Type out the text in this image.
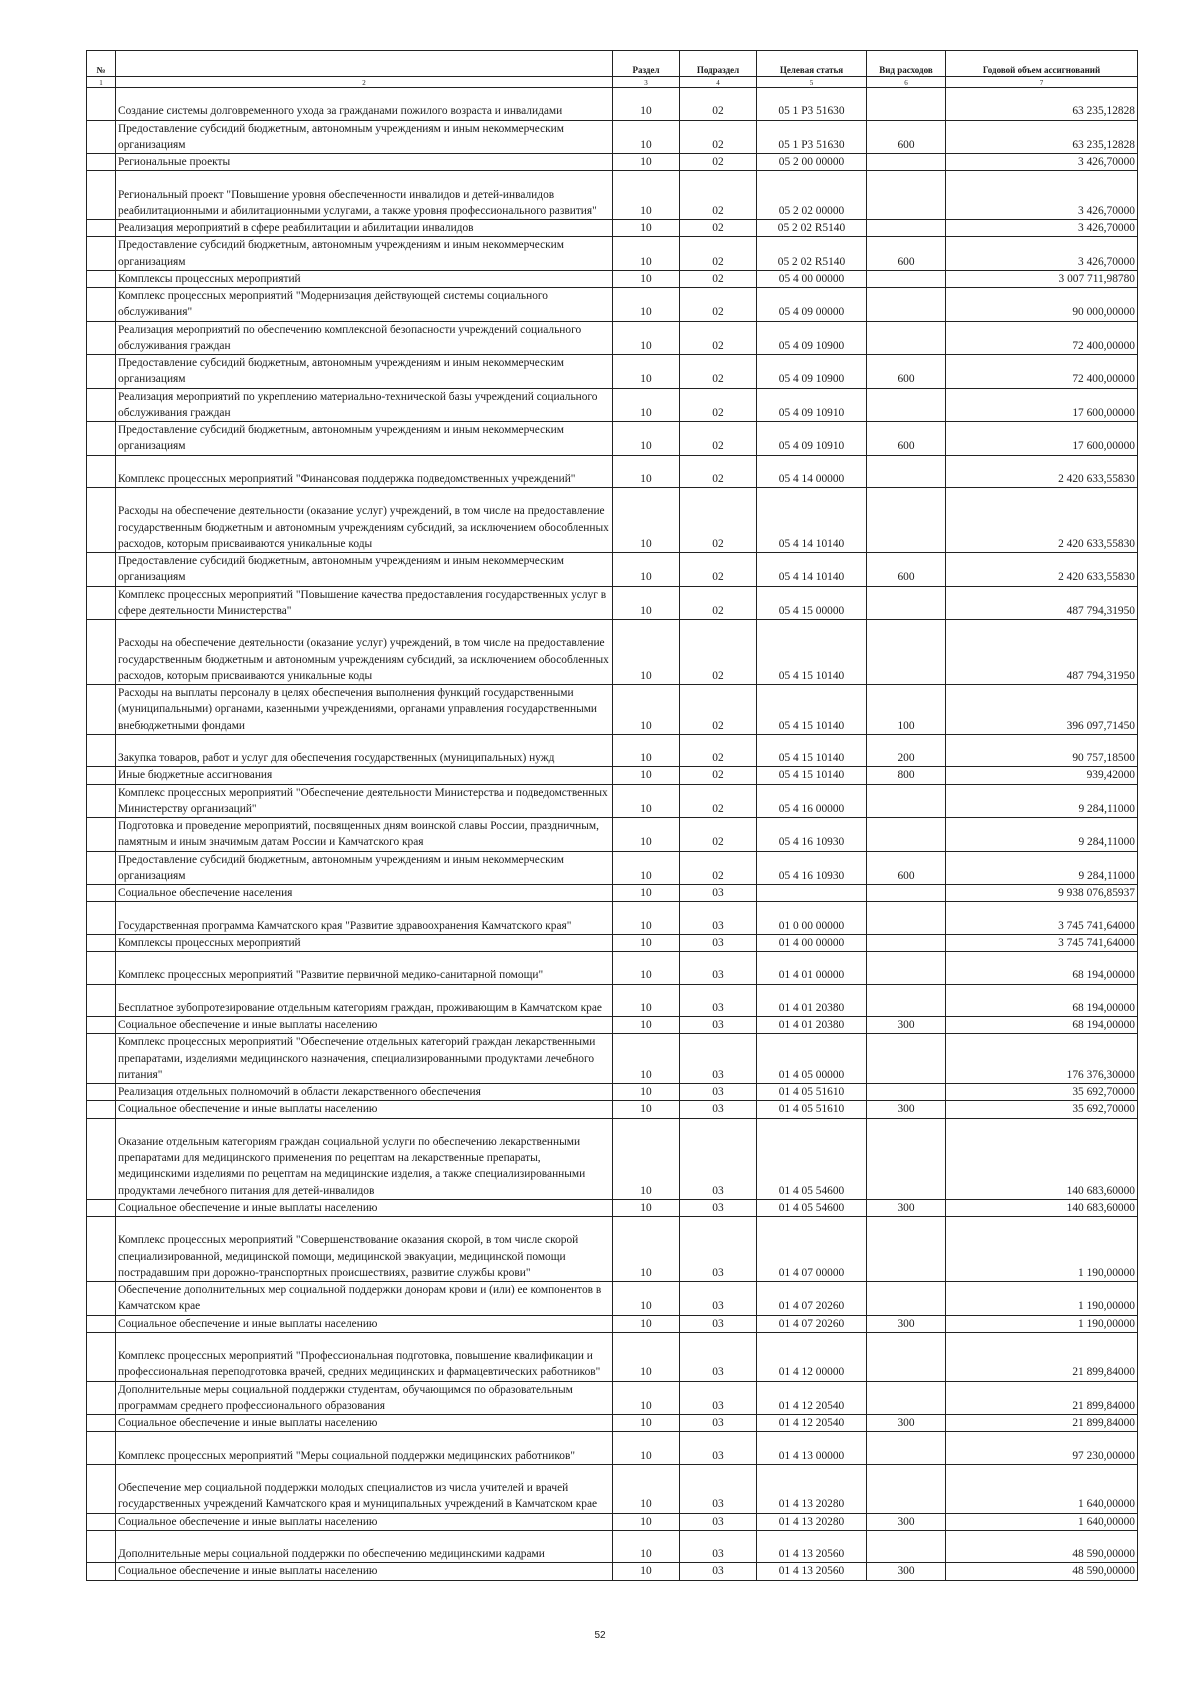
№		Раздел	Подраздел	Целевая статья	Вид расходов	Годовой объем ассигнований
1	2	3	4	5	6	7
	Создание системы долговременного ухода за гражданами пожилого возраста и инвалидами	10	02	05 1 P3 51630		63 235,12828
	Предоставление субсидий бюджетным, автономным учреждениям и иным некоммерческим организациям	10	02	05 1 P3 51630	600	63 235,12828
	Региональные проекты	10	02	05 2 00 00000		3 426,70000
	Региональный проект "Повышение уровня обеспеченности инвалидов и детей-инвалидов реабилитационными и абилитационными услугами, а также уровня профессионального развития"	10	02	05 2 02 00000		3 426,70000
	Реализация мероприятий в сфере реабилитации и абилитации инвалидов	10	02	05 2 02 R5140		3 426,70000
	Предоставление субсидий бюджетным, автономным учреждениям и иным некоммерческим организациям	10	02	05 2 02 R5140	600	3 426,70000
	Комплексы процессных мероприятий	10	02	05 4 00 00000		3 007 711,98780
	Комплекс процессных мероприятий "Модернизация действующей системы социального обслуживания"	10	02	05 4 09 00000		90 000,00000
	Реализация мероприятий по обеспечению комплексной безопасности учреждений социального обслуживания граждан	10	02	05 4 09 10900		72 400,00000
	Предоставление субсидий бюджетным, автономным учреждениям и иным некоммерческим организациям	10	02	05 4 09 10900	600	72 400,00000
	Реализация мероприятий по укреплению материально-технической базы учреждений социального обслуживания граждан	10	02	05 4 09 10910		17 600,00000
	Предоставление субсидий бюджетным, автономным учреждениям и иным некоммерческим организациям	10	02	05 4 09 10910	600	17 600,00000
	Комплекс процессных мероприятий "Финансовая поддержка подведомственных учреждений"	10	02	05 4 14 00000		2 420 633,55830
	Расходы на обеспечение деятельности (оказание услуг) учреждений, в том числе на предоставление государственным бюджетным и автономным учреждениям субсидий, за исключением обособленных расходов, которым присваиваются уникальные коды	10	02	05 4 14 10140		2 420 633,55830
	Предоставление субсидий бюджетным, автономным учреждениям и иным некоммерческим организациям	10	02	05 4 14 10140	600	2 420 633,55830
	Комплекс процессных мероприятий "Повышение качества предоставления государственных услуг в сфере деятельности Министерства"	10	02	05 4 15 00000		487 794,31950
	Расходы на обеспечение деятельности (оказание услуг) учреждений, в том числе на предоставление государственным бюджетным и автономным учреждениям субсидий, за исключением обособленных расходов, которым присваиваются уникальные коды	10	02	05 4 15 10140		487 794,31950
	Расходы на выплаты персоналу в целях обеспечения выполнения функций государственными (муниципальными) органами, казенными учреждениями, органами управления государственными внебюджетными фондами	10	02	05 4 15 10140	100	396 097,71450
	Закупка товаров, работ и услуг для обеспечения государственных (муниципальных) нужд	10	02	05 4 15 10140	200	90 757,18500
	Иные бюджетные ассигнования	10	02	05 4 15 10140	800	939,42000
	Комплекс процессных мероприятий "Обеспечение деятельности Министерства и подведомственных Министерству организаций"	10	02	05 4 16 00000		9 284,11000
	Подготовка и проведение мероприятий, посвященных дням воинской славы России, праздничным, памятным и иным значимым датам России и Камчатского края	10	02	05 4 16 10930		9 284,11000
	Предоставление субсидий бюджетным, автономным учреждениям и иным некоммерческим организациям	10	02	05 4 16 10930	600	9 284,11000
	Социальное обеспечение населения	10	03			9 938 076,85937
	Государственная программа Камчатского края "Развитие здравоохранения Камчатского края"	10	03	01 0 00 00000		3 745 741,64000
	Комплексы процессных мероприятий	10	03	01 4 00 00000		3 745 741,64000
	Комплекс процессных мероприятий "Развитие первичной медико-санитарной помощи"	10	03	01 4 01 00000		68 194,00000
	Бесплатное зубопротезирование отдельным категориям граждан, проживающим в Камчатском крае	10	03	01 4 01 20380		68 194,00000
	Социальное обеспечение и иные выплаты населению	10	03	01 4 01 20380	300	68 194,00000
	Комплекс процессных мероприятий "Обеспечение отдельных категорий граждан лекарственными препаратами, изделиями медицинского назначения, специализированными продуктами лечебного питания"	10	03	01 4 05 00000		176 376,30000
	Реализация отдельных полномочий в области лекарственного обеспечения	10	03	01 4 05 51610		35 692,70000
	Социальное обеспечение и иные выплаты населению	10	03	01 4 05 51610	300	35 692,70000
	Оказание отдельным категориям граждан социальной услуги по обеспечению лекарственными препаратами для медицинского применения по рецептам на лекарственные препараты, медицинскими изделиями по рецептам на медицинские изделия, а также специализированными продуктами лечебного питания для детей-инвалидов	10	03	01 4 05 54600		140 683,60000
	Социальное обеспечение и иные выплаты населению	10	03	01 4 05 54600	300	140 683,60000
	Комплекс процессных мероприятий "Совершенствование оказания скорой, в том числе скорой специализированной, медицинской помощи, медицинской эвакуации, медицинской помощи пострадавшим при дорожно-транспортных происшествиях, развитие службы крови"	10	03	01 4 07 00000		1 190,00000
	Обеспечение дополнительных мер социальной поддержки донорам крови и (или) ее компонентов в Камчатском крае	10	03	01 4 07 20260		1 190,00000
	Социальное обеспечение и иные выплаты населению	10	03	01 4 07 20260	300	1 190,00000
	Комплекс процессных мероприятий "Профессиональная подготовка, повышение квалификации и профессиональная переподготовка врачей, средних медицинских и фармацевтических работников"	10	03	01 4 12 00000		21 899,84000
	Дополнительные меры социальной поддержки студентам, обучающимся по образовательным программам среднего профессионального образования	10	03	01 4 12 20540		21 899,84000
	Социальное обеспечение и иные выплаты населению	10	03	01 4 12 20540	300	21 899,84000
	Комплекс процессных мероприятий "Меры социальной поддержки медицинских работников"	10	03	01 4 13 00000		97 230,00000
	Обеспечение мер социальной поддержки молодых специалистов из числа учителей и врачей государственных учреждений Камчатского края и муниципальных учреждений в Камчатском крае	10	03	01 4 13 20280		1 640,00000
	Социальное обеспечение и иные выплаты населению	10	03	01 4 13 20280	300	1 640,00000
	Дополнительные меры социальной поддержки по обеспечению медицинскими кадрами	10	03	01 4 13 20560		48 590,00000
	Социальное обеспечение и иные выплаты населению	10	03	01 4 13 20560	300	48 590,00000
52
